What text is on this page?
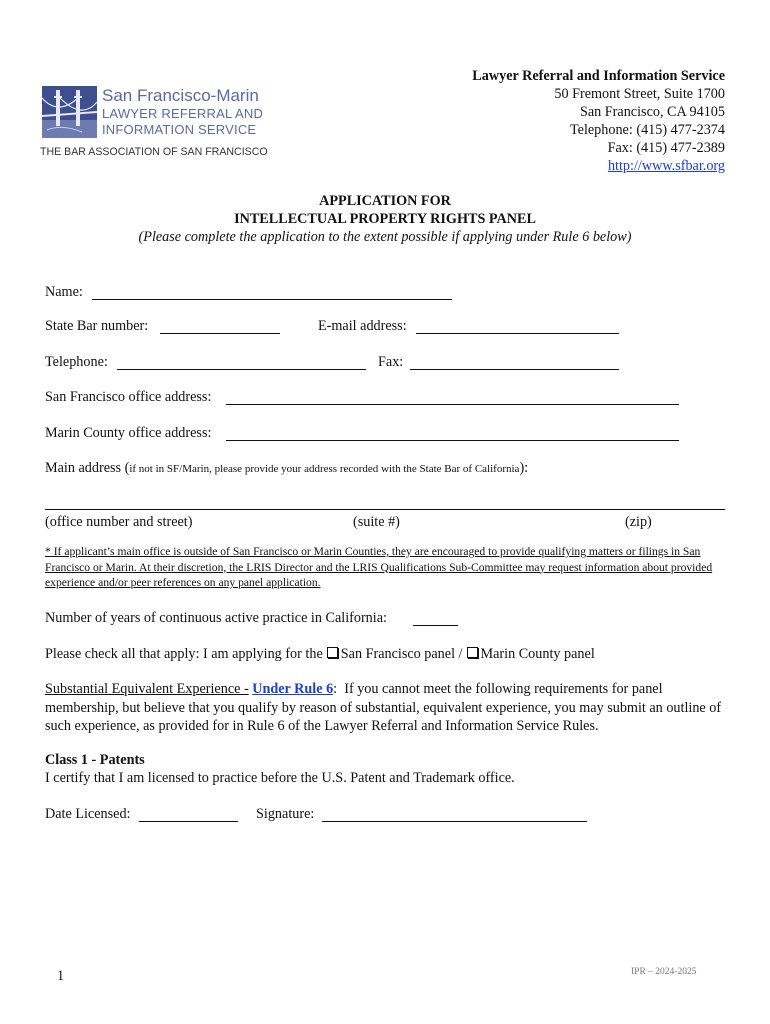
San Francisco-Marin
LAWYER REFERRAL AND
INFORMATION SERVICE
THE BAR ASSOCIATION OF SAN FRANCISCO
Lawyer Referral and Information Service
50 Fremont Street, Suite 1700
San Francisco, CA 94105
Telephone: (415) 477-2374
Fax: (415) 477-2389
http://www.sfbar.org
APPLICATION FOR
INTELLECTUAL PROPERTY RIGHTS PANEL
(Please complete the application to the extent possible if applying under Rule 6 below)
Name:
State Bar number:	E-mail address:
Telephone:	Fax:
San Francisco office address:
Marin County office address:
Main address (if not in SF/Marin, please provide your address recorded with the State Bar of California):
(office number and street)	(suite #)	(zip)
* If applicant’s main office is outside of San Francisco or Marin Counties, they are encouraged to provide qualifying matters or filings in San Francisco or Marin. At their discretion, the LRIS Director and the LRIS Qualifications Sub-Committee may request information about provided experience and/or peer references on any panel application.
Number of years of continuous active practice in California:
Please check all that apply: I am applying for the San Francisco panel / Marin County panel
Substantial Equivalent Experience - Under Rule 6: If you cannot meet the following requirements for panel membership, but believe that you qualify by reason of substantial, equivalent experience, you may submit an outline of such experience, as provided for in Rule 6 of the Lawyer Referral and Information Service Rules.
Class 1 - Patents
I certify that I am licensed to practice before the U.S. Patent and Trademark office.
Date Licensed:	Signature:
1	IPR – 2024-2025
